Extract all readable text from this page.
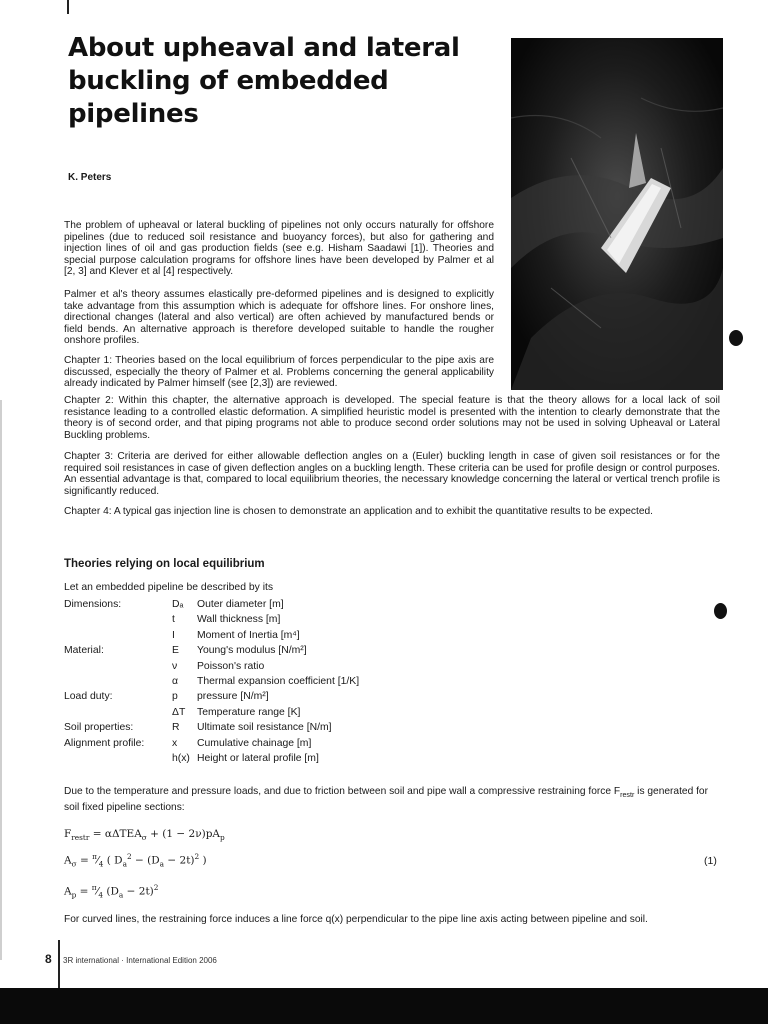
About upheaval and lateral buckling of embedded pipelines
K. Peters

The problem of upheaval or lateral buckling of pipelines not only occurs naturally for offshore pipelines (due to reduced soil resistance and buoyancy forces), but also for gathering and injection lines of oil and gas production fields (see e.g. Hisham Saadawi [1]). Theories and special purpose calculation programs for offshore lines have been developed by Palmer et al [2, 3] and Klever et al [4] respectively.

Palmer et al's theory assumes elastically pre-deformed pipelines and is designed to explicitly take advantage from this assumption which is adequate for offshore lines. For onshore lines, directional changes (lateral and also vertical) are often achieved by manufactured bends or field bends. An alternative approach is therefore developed suitable to handle the rougher onshore profiles.

Chapter 1: Theories based on the local equilibrium of forces perpendicular to the pipe axis are discussed, especially the theory of Palmer et al. Problems concerning the general applicability already indicated by Palmer himself (see [2,3]) are reviewed.

Chapter 2: Within this chapter, the alternative approach is developed. The special feature is that the theory allows for a local lack of soil resistance leading to a controlled elastic deformation. A simplified heuristic model is presented with the intention to clearly demonstrate that the theory is of second order, and that piping programs not able to produce second order solutions may not be used in solving Upheaval or Lateral Buckling problems.

Chapter 3: Criteria are derived for either allowable deflection angles on a (Euler) buckling length in case of given soil resistances or for the required soil resistances in case of given deflection angles on a buckling length. These criteria can be used for profile design or control purposes. An essential advantage is that, compared to local equilibrium theories, the necessary knowledge concerning the lateral or vertical trench profile is significantly reduced.

Chapter 4: A typical gas injection line is chosen to demonstrate an application and to exhibit the quantitative results to be expected.

Theories relying on local equilibrium
Let an embedded pipeline be described by its
Dimensions:	Dₐ Outer diameter [m]
t Wall thickness [m]
I Moment of Inertia [m⁴]
Material:	E Young's modulus [N/m²]
ν Poisson's ratio
α Thermal expansion coefficient [1/K]
Load duty:	p pressure [N/m²]
ΔT Temperature range [K]
Soil properties:	R Ultimate soil resistance [N/m]
Alignment profile:	x Cumulative chainage [m]
h(x) Height or lateral profile [m]

Due to the temperature and pressure loads, and due to friction between soil and pipe wall a compressive restraining force $F_{restr}$ is generated for soil fixed pipeline sections:

$F_{restr} = \alpha\Delta TEA_\sigma + (1 - 2\nu)pA_p$
$A_\sigma$ = $^\pi⁄_4$ ( $D_a^2 - (D_a - 2t)^2$ )
$A_p$ = $^\pi⁄_4$ $(D_a - 2t)^2$
(1)

For curved lines, the restraining force induces a line force q(x) perpendicular to the pipe line axis acting between pipeline and soil.

8 3R international · International Edition 2006
